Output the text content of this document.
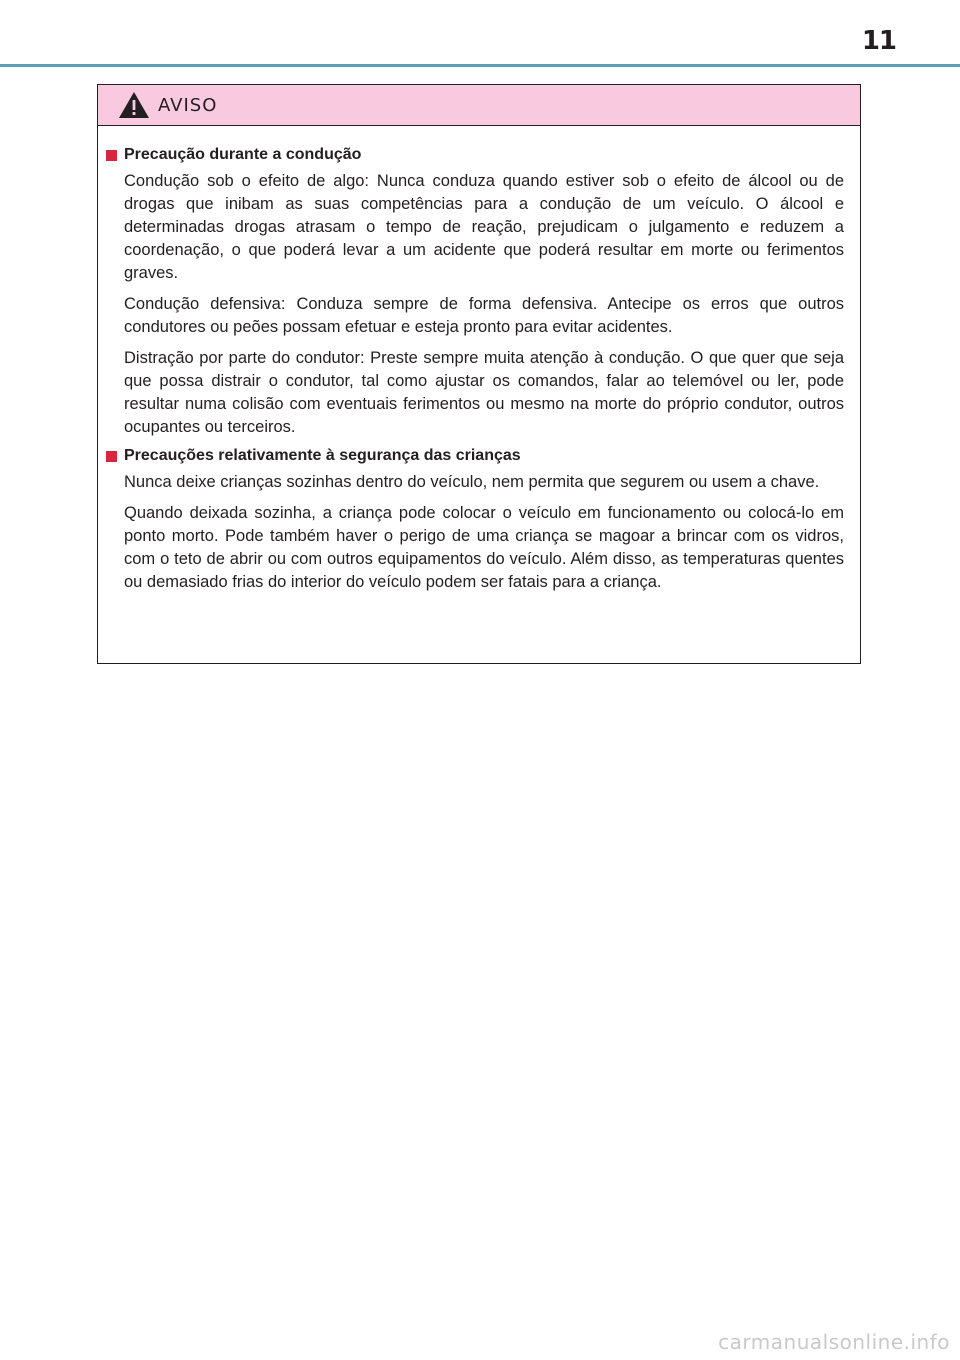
11
AVISO
Precaução durante a condução

Condução sob o efeito de algo: Nunca conduza quando estiver sob o efeito de álcool ou de drogas que inibam as suas competências para a condução de um veículo. O álcool e determinadas drogas atrasam o tempo de reação, prejudicam o julgamento e reduzem a coordenação, o que poderá levar a um acidente que poderá resultar em morte ou ferimentos graves.

Condução defensiva: Conduza sempre de forma defensiva. Antecipe os erros que outros condutores ou peões possam efetuar e esteja pronto para evitar acidentes.

Distração por parte do condutor: Preste sempre muita atenção à condução. O que quer que seja que possa distrair o condutor, tal como ajustar os comandos, falar ao telemóvel ou ler, pode resultar numa colisão com eventuais ferimentos ou mesmo na morte do próprio condutor, outros ocupantes ou terceiros.

Precauções relativamente à segurança das crianças

Nunca deixe crianças sozinhas dentro do veículo, nem permita que segurem ou usem a chave.

Quando deixada sozinha, a criança pode colocar o veículo em funcionamento ou colocá-lo em ponto morto. Pode também haver o perigo de uma criança se magoar a brincar com os vidros, com o teto de abrir ou com outros equipamentos do veículo. Além disso, as temperaturas quentes ou demasiado frias do interior do veículo podem ser fatais para a criança.

carmanualsonline.info
